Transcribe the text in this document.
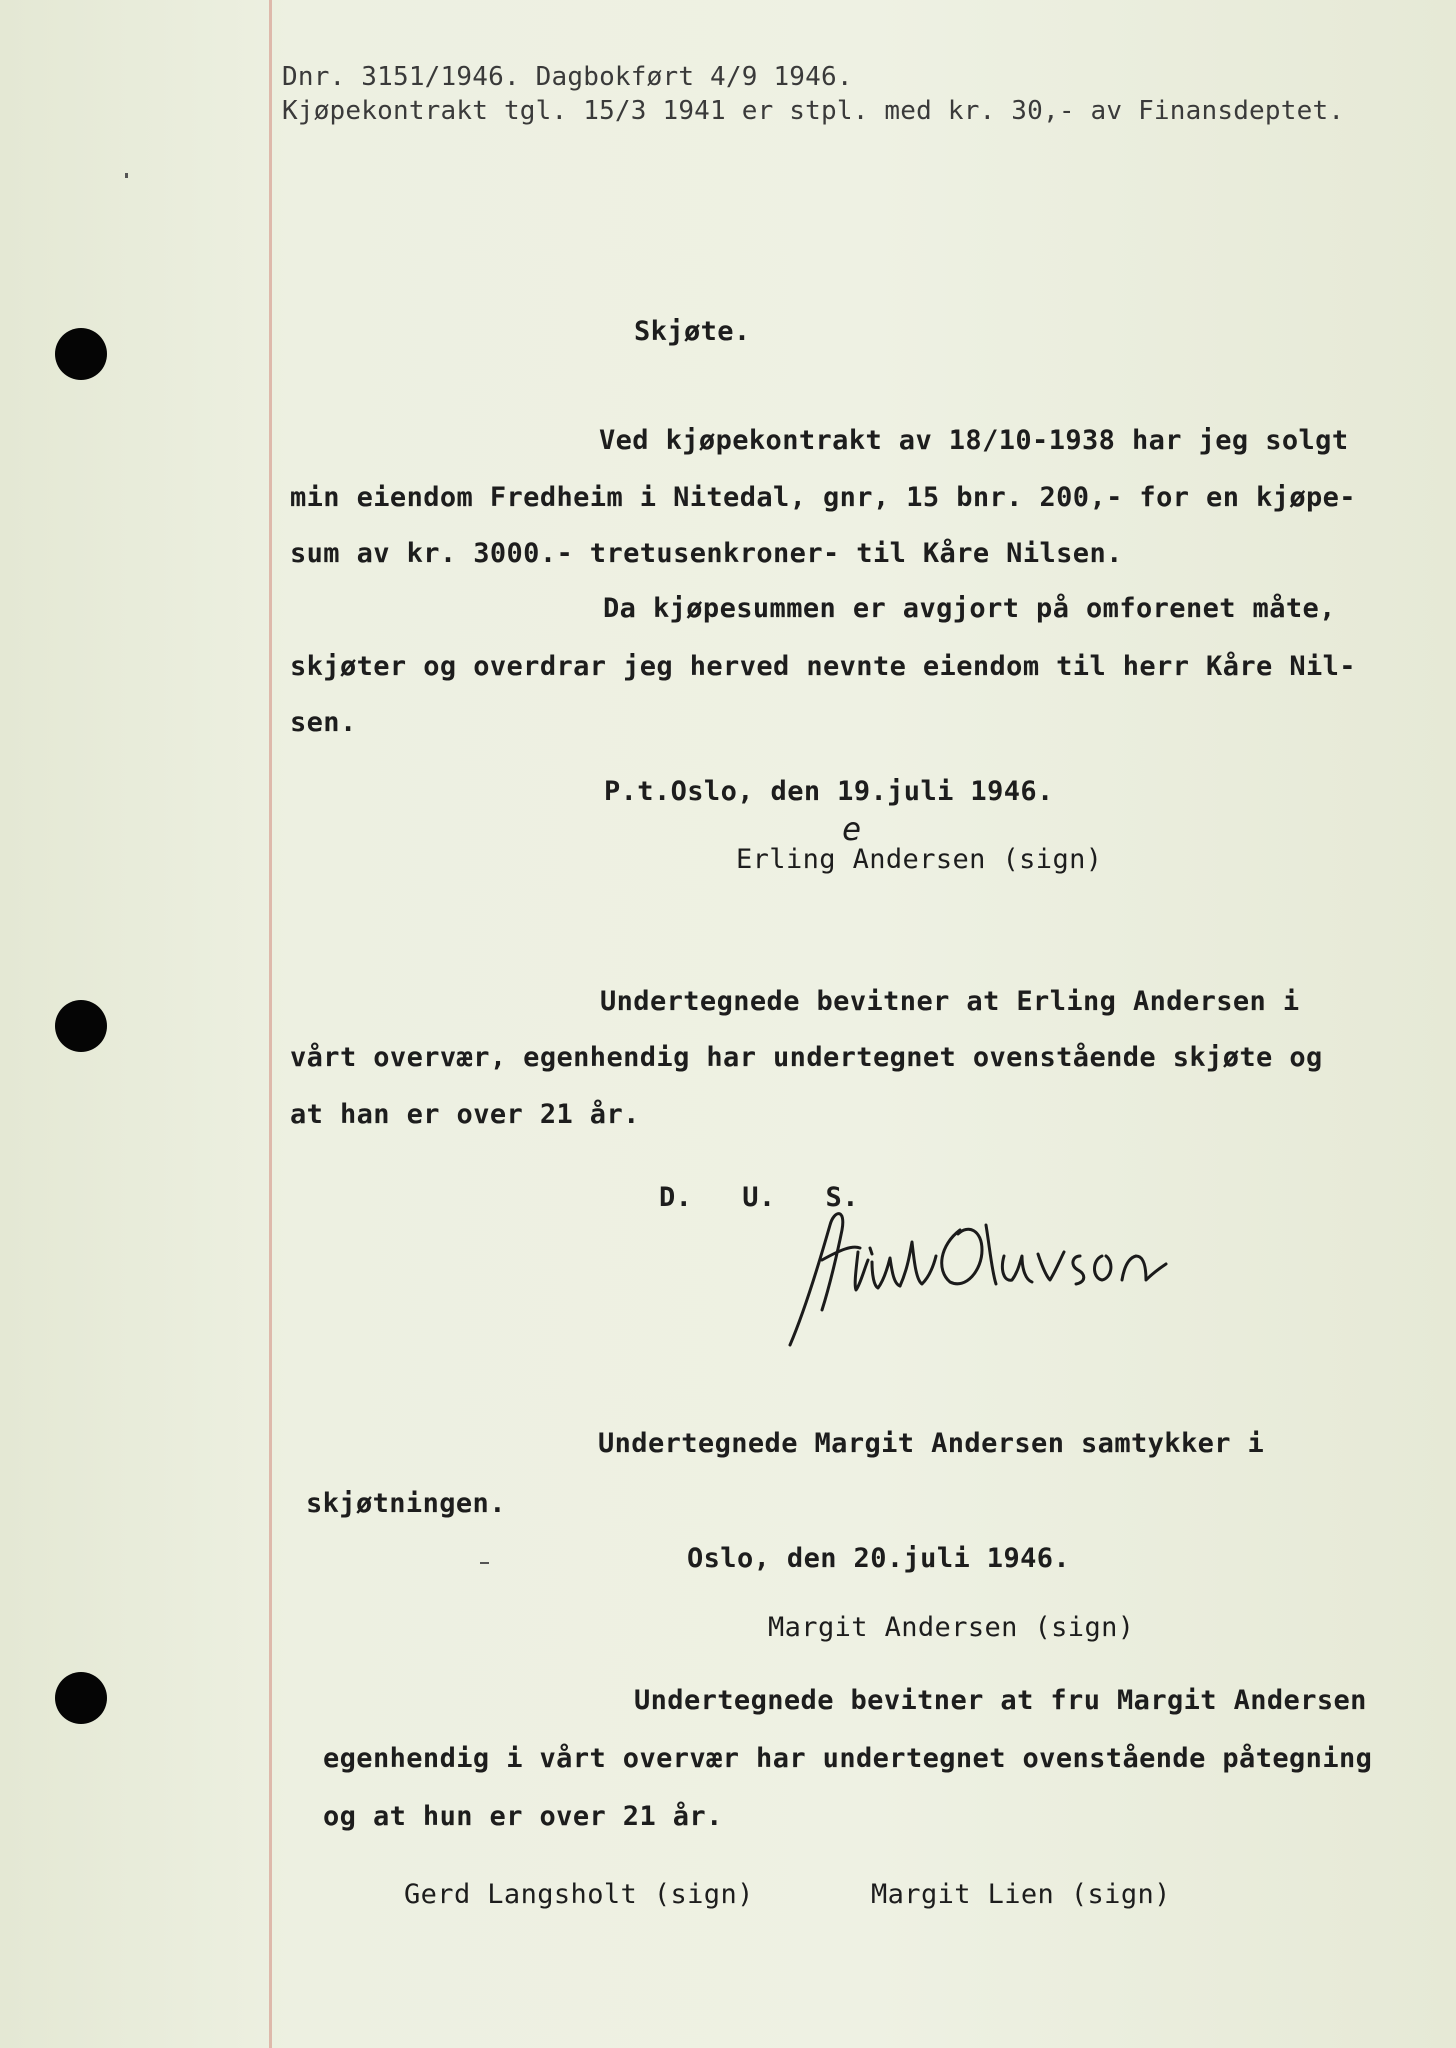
Dnr. 3151/1946. Dagbokført 4/9 1946.
Kjøpekontrakt tgl. 15/3 1941 er stpl. med kr. 30,- av Finansdeptet.
Skjøte.
Ved kjøpekontrakt av 18/10-1938 har jeg solgt
min eiendom Fredheim i Nitedal, gnr, 15 bnr. 200,- for en kjøpe-
sum av kr. 3000.- tretusenkroner- til Kåre Nilsen.
Da kjøpesummen er avgjort på omforenet måte,
skjøter og overdrar jeg herved nevnte eiendom til herr Kåre Nil-
sen.
P.t.Oslo, den 19.juli 1946.
e
Erling Andersen (sign)
Undertegnede bevitner at Erling Andersen i
vårt overvær, egenhendig har undertegnet ovenstående skjøte og
at han er over 21 år.
D.   U.   S.
Undertegnede Margit Andersen samtykker i
skjøtningen.
Oslo, den 20.juli 1946.
Margit Andersen (sign)
Undertegnede bevitner at fru Margit Andersen
egenhendig i vårt overvær har undertegnet ovenstående påtegning
og at hun er over 21 år.
Gerd Langsholt (sign)	Margit Lien (sign)
